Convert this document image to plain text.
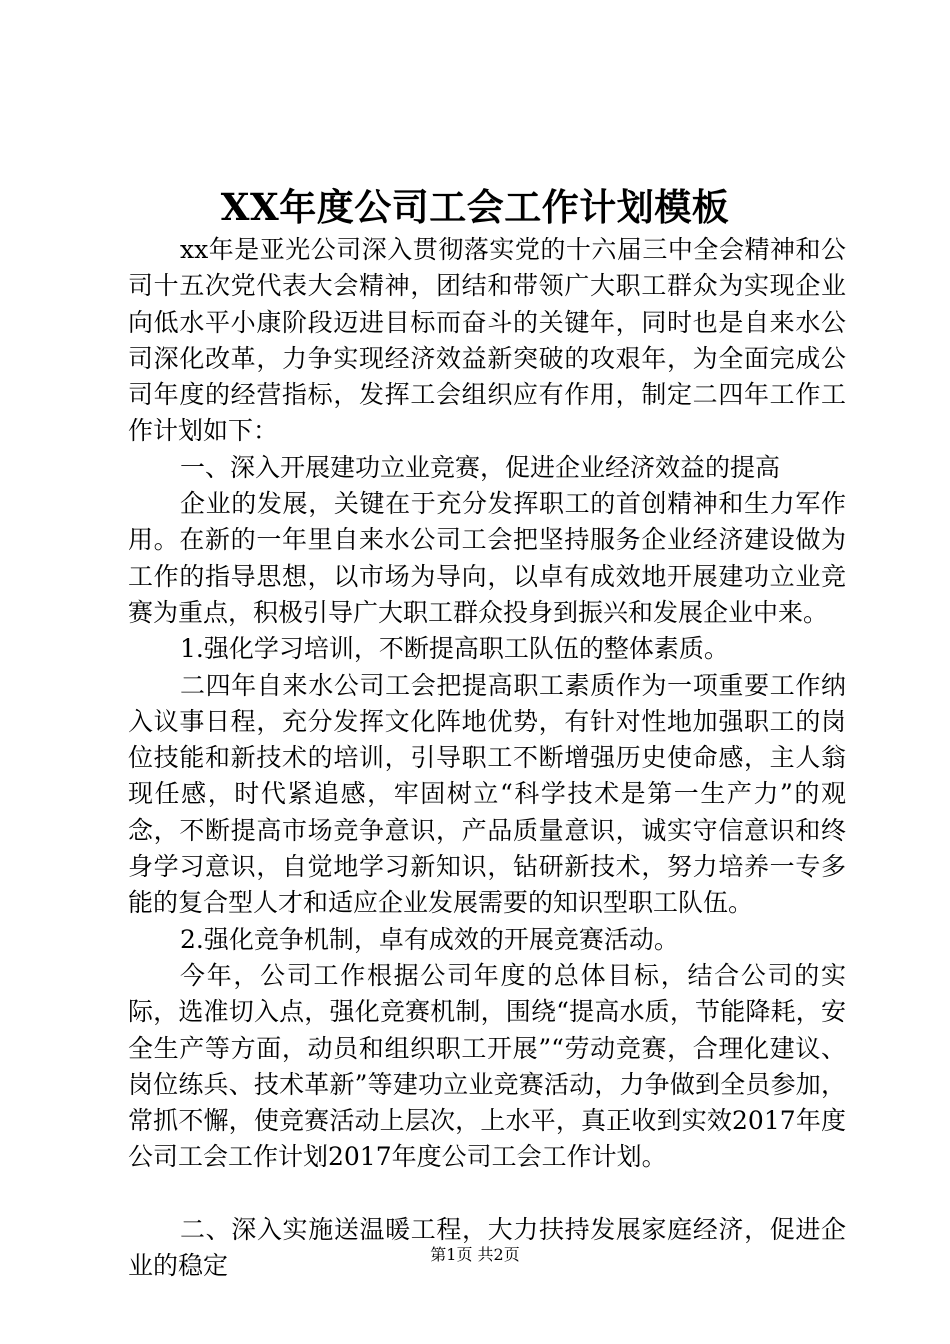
XX年度公司工会工作计划模板

xx年是亚光公司深入贯彻落实党的十六届三中全会精神和公司十五次党代表大会精神，团结和带领广大职工群众为实现企业向低水平小康阶段迈进目标而奋斗的关键年，同时也是自来水公司深化改革，力争实现经济效益新突破的攻艰年，为全面完成公司年度的经营指标，发挥工会组织应有作用，制定二四年工作工作计划如下：

一、深入开展建功立业竞赛，促进企业经济效益的提高

企业的发展，关键在于充分发挥职工的首创精神和生力军作用。在新的一年里自来水公司工会把坚持服务企业经济建设做为工作的指导思想，以市场为导向，以卓有成效地开展建功立业竞赛为重点，积极引导广大职工群众投身到振兴和发展企业中来。

1.强化学习培训，不断提高职工队伍的整体素质。

二四年自来水公司工会把提高职工素质作为一项重要工作纳入议事日程，充分发挥文化阵地优势，有针对性地加强职工的岗位技能和新技术的培训，引导职工不断增强历史使命感，主人翁现任感，时代紧追感，牢固树立“科学技术是第一生产力”的观念，不断提高市场竞争意识，产品质量意识，诚实守信意识和终身学习意识，自觉地学习新知识，钻研新技术，努力培养一专多能的复合型人才和适应企业发展需要的知识型职工队伍。

2.强化竞争机制，卓有成效的开展竞赛活动。

今年，公司工作根据公司年度的总体目标，结合公司的实际，选准切入点，强化竞赛机制，围绕“提高水质，节能降耗，安全生产等方面，动员和组织职工开展”“劳动竞赛，合理化建议、岗位练兵、技术革新”等建功立业竞赛活动，力争做到全员参加，常抓不懈，使竞赛活动上层次，上水平，真正收到实效2017年度公司工会工作计划2017年度公司工会工作计划。

二、深入实施送温暖工程，大力扶持发展家庭经济，促进企业的稳定	第1页 共2页
